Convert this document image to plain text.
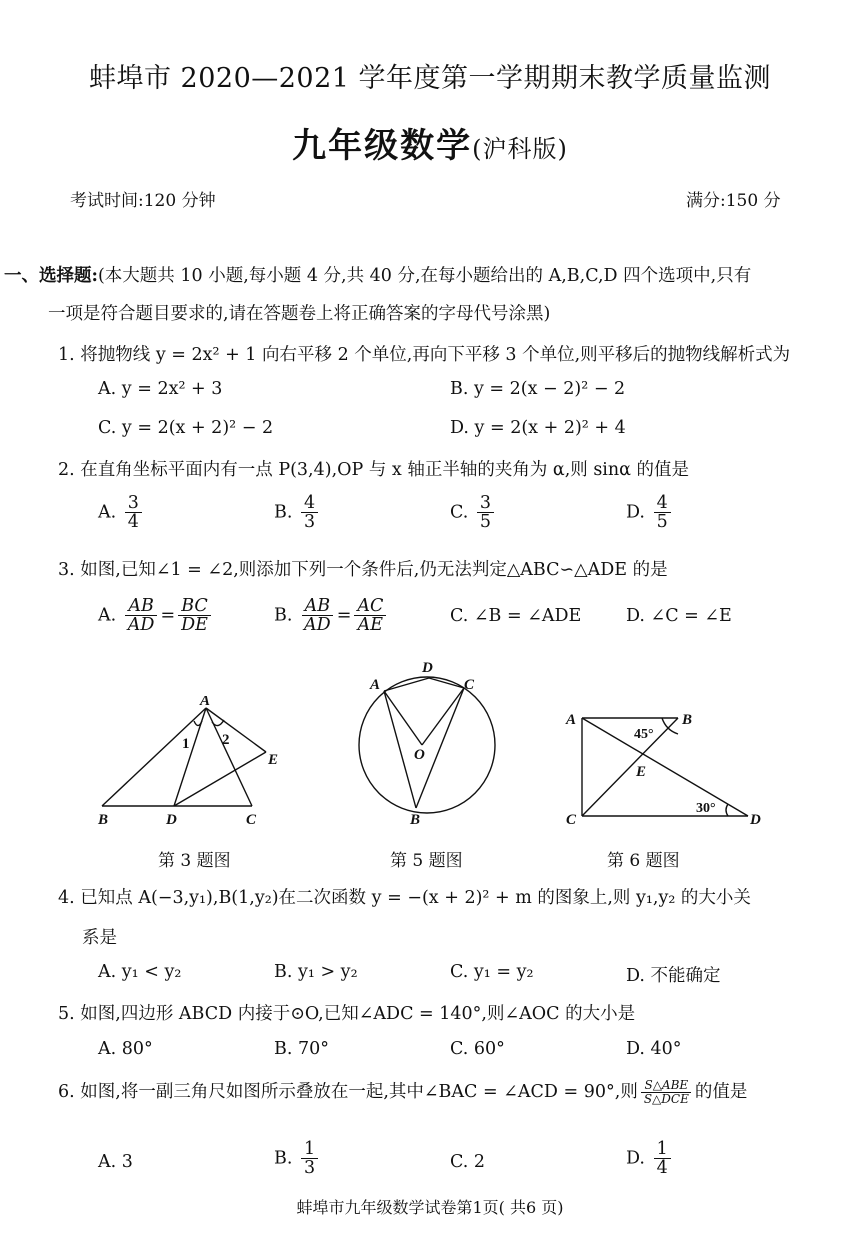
蚌埠市 2020—2021 学年度第一学期期末教学质量监测
九年级数学(沪科版)
考试时间:120 分钟	满分:150 分
一、选择题:(本大题共 10 小题,每小题 4 分,共 40 分,在每小题给出的 A,B,C,D 四个选项中,只有
一项是符合题目要求的,请在答题卷上将正确答案的字母代号涂黑)
1. 将抛物线 y = 2x² + 1 向右平移 2 个单位,再向下平移 3 个单位,则平移后的抛物线解析式为
A. y = 2x² + 3	B. y = 2(x − 2)² − 2
C. y = 2(x + 2)² − 2	D. y = 2(x + 2)² + 4
2. 在直角坐标平面内有一点 P(3,4),OP 与 x 轴正半轴的夹角为 α,则 sinα 的值是
A. $\frac{3}{4}$	B. $\frac{4}{3}$	C. $\frac{3}{5}$	D. $\frac{4}{5}$
3. 如图,已知∠1 = ∠2,则添加下列一个条件后,仍无法判定△ABC∽△ADE 的是
A. $\frac{AB}{AD} = \frac{BC}{DE}$	B. $\frac{AB}{AD} = \frac{AC}{AE}$	C. ∠B = ∠ADE	D. ∠C = ∠E
A
B	D	C
E
1 2
D
A	C
O
B
A	B
C	D
E
45°
30°
第 3 题图	第 5 题图	第 6 题图
4. 已知点 A(−3,y₁),B(1,y₂)在二次函数 y = −(x + 2)² + m 的图象上,则 y₁,y₂ 的大小关
系是
A. y₁ < y₂	B. y₁ > y₂	C. y₁ = y₂	D. 不能确定
5. 如图,四边形 ABCD 内接于⊙O,已知∠ADC = 140°,则∠AOC 的大小是
A. 80°	B. 70°	C. 60°	D. 40°
6. 如图,将一副三角尺如图所示叠放在一起,其中∠BAC = ∠ACD = 90°,则 $\frac{\text{S△ABE}}{\text{S△DCE}}$ 的值是
A. 3	B. $\frac{1}{3}$	C. 2	D. $\frac{1}{4}$
蚌埠市九年级数学试卷第1页( 共6 页)
